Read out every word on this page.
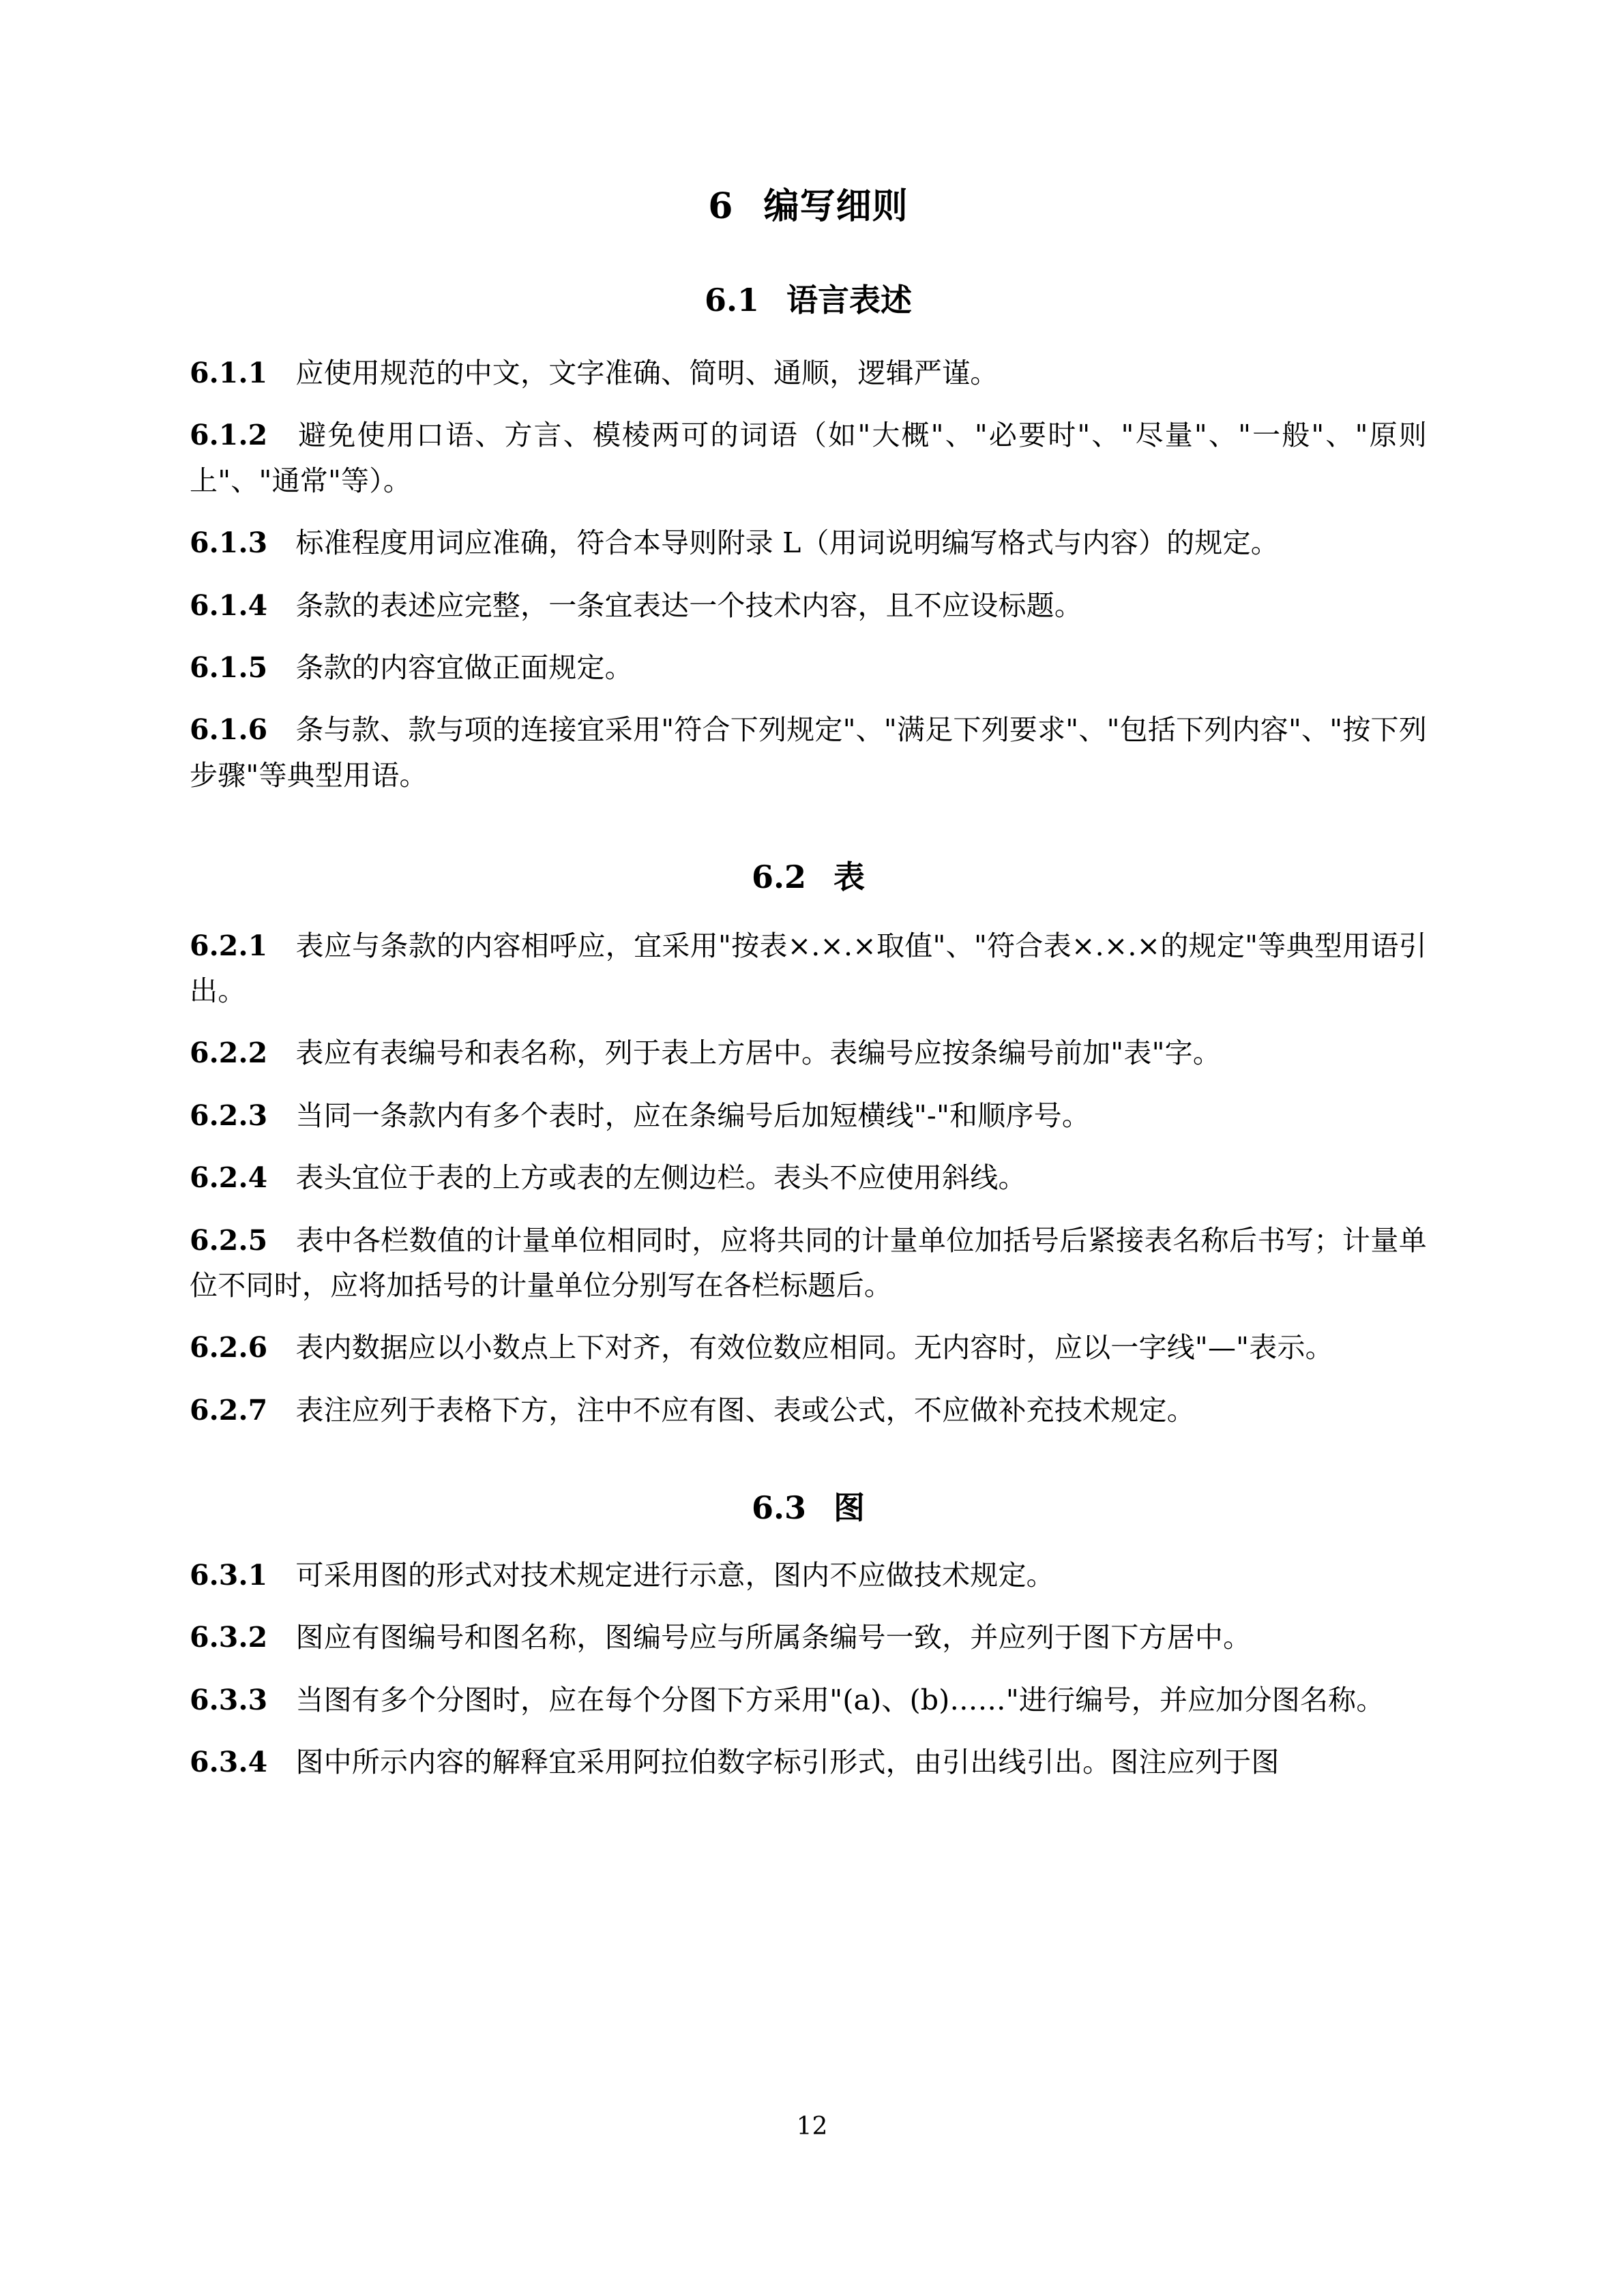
6 编写细则
6.1 语言表述

6.1.1　 应使用规范的中文，文字准确、简明、通顺，逻辑严谨。

6.1.2　 避免使用口语、方言、模棱两可的词语（如"大概"、"必要时"、"尽量"、"一般"、"原则上"、"通常"等）。

6.1.3　 标准程度用词应准确，符合本导则附录 L（用词说明编写格式与内容）的规定。

6.1.4　 条款的表述应完整，一条宜表达一个技术内容，且不应设标题。

6.1.5　 条款的内容宜做正面规定。

6.1.6　 条与款、款与项的连接宜采用"符合下列规定"、"满足下列要求"、"包括下列内容"、"按下列步骤"等典型用语。

6.2 表

6.2.1　 表应与条款的内容相呼应，宜采用"按表×.×.×取值"、"符合表×.×.×的规定"等典型用语引出。

6.2.2　 表应有表编号和表名称，列于表上方居中。表编号应按条编号前加"表"字。

6.2.3　 当同一条款内有多个表时，应在条编号后加短横线"-"和顺序号。

6.2.4　 表头宜位于表的上方或表的左侧边栏。表头不应使用斜线。

6.2.5　 表中各栏数值的计量单位相同时，应将共同的计量单位加括号后紧接表名称后书写；计量单位不同时，应将加括号的计量单位分别写在各栏标题后。

6.2.6　 表内数据应以小数点上下对齐，有效位数应相同。无内容时，应以一字线"—"表示。

6.2.7　 表注应列于表格下方，注中不应有图、表或公式，不应做补充技术规定。

6.3 图

6.3.1　 可采用图的形式对技术规定进行示意，图内不应做技术规定。

6.3.2　 图应有图编号和图名称，图编号应与所属条编号一致，并应列于图下方居中。

6.3.3　 当图有多个分图时，应在每个分图下方采用"(a)、(b)……"进行编号，并应加分图名称。

6.3.4　 图中所示内容的解释宜采用阿拉伯数字标引形式，由引出线引出。图注应列于图

12
